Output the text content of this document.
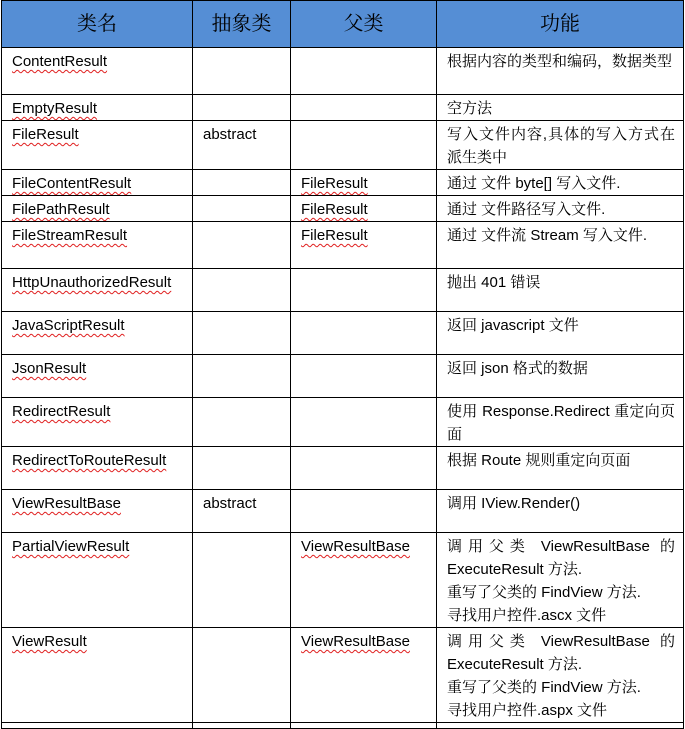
类名	抽象类	父类	功能
ContentResult			根据内容的类型和编码，数据类型
EmptyResult			空方法
FileResult	abstract		写入文件内容,具体的写入方式在派生类中
FileContentResult		FileResult	通过 文件 byte[] 写入文件.
FilePathResult		FileResult	通过 文件路径写入文件.
FileStreamResult		FileResult	通过 文件流 Stream 写入文件.
HttpUnauthorizedResult			抛出 401 错误
JavaScriptResult			返回 javascript 文件
JsonResult			返回 json 格式的数据
RedirectResult			使用 Response.Redirect 重定向页面
RedirectToRouteResult			根据 Route 规则重定向页面
ViewResultBase	abstract		调用 IView.Render()
PartialViewResult		ViewResultBase	调用父类 ViewResultBase 的 ExecuteResult 方法.
重写了父类的 FindView 方法.
寻找用户控件.ascx 文件
ViewResult		ViewResultBase	调用父类 ViewResultBase 的 ExecuteResult 方法.
重写了父类的 FindView 方法.
寻找用户控件.aspx 文件
